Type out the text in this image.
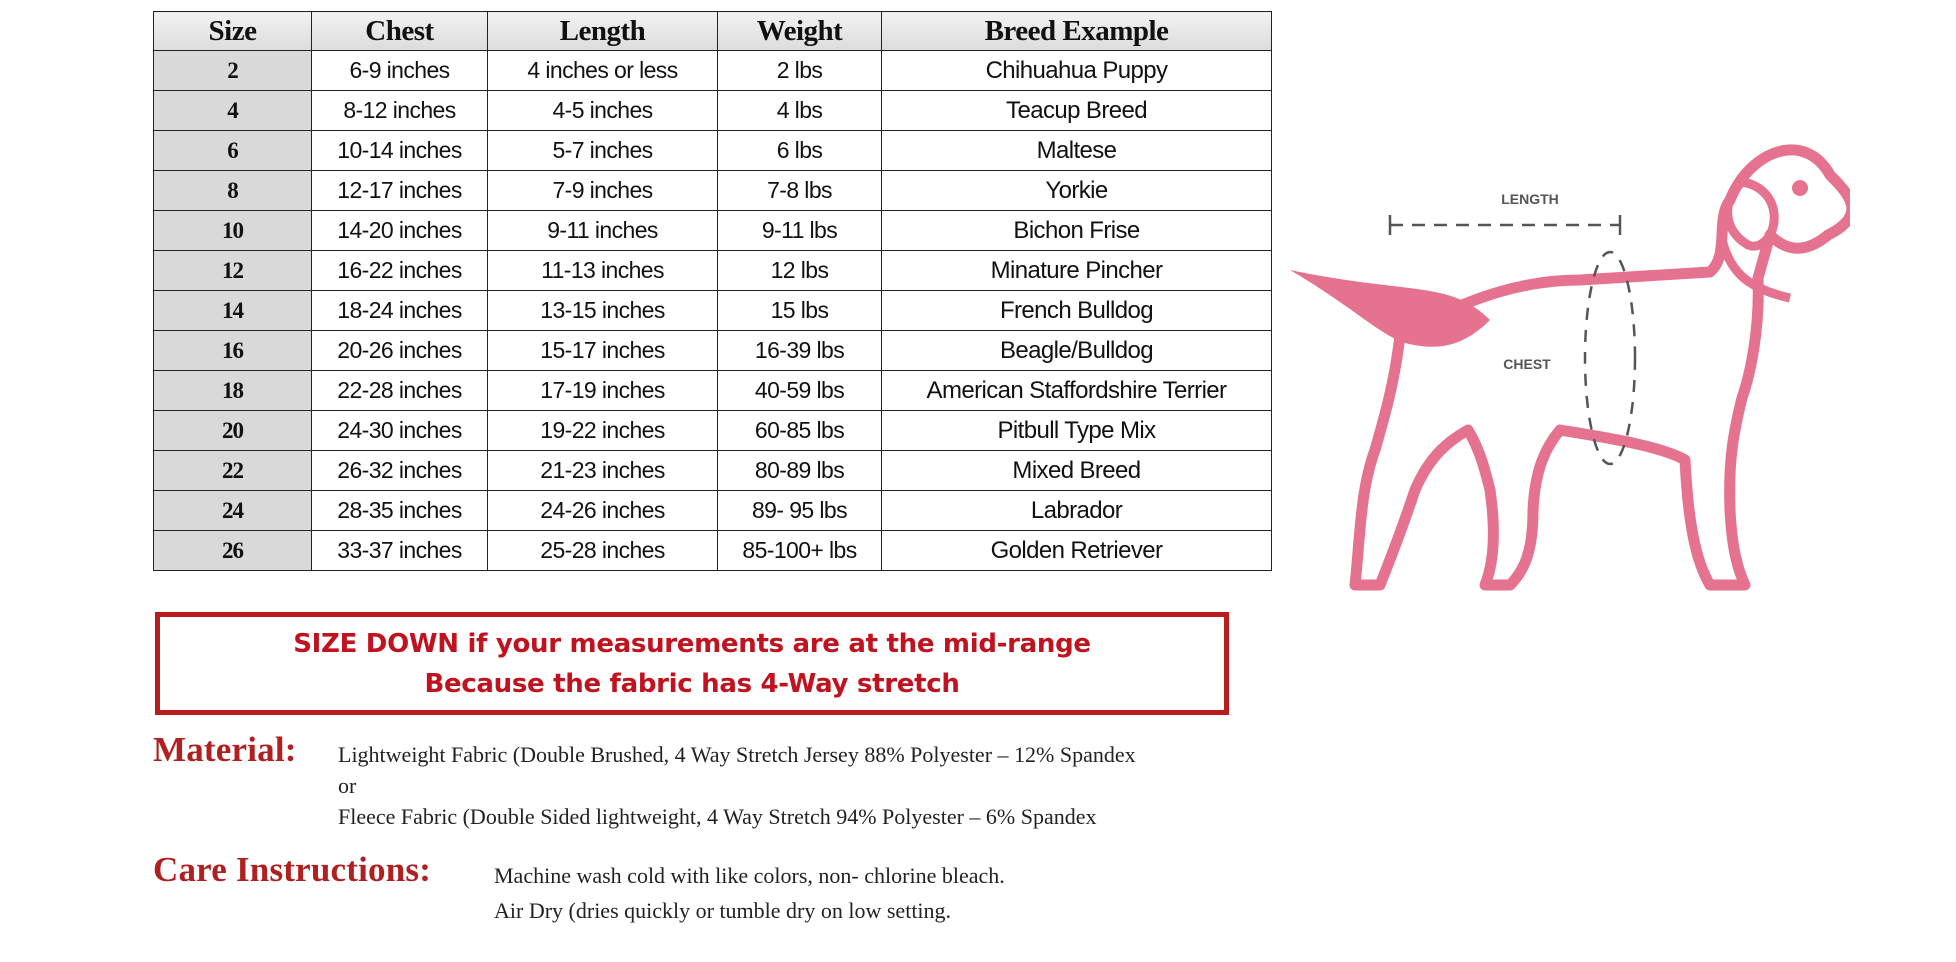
Size	Chest	Length	Weight	Breed Example
2	6-9 inches	4 inches or less	2 lbs	Chihuahua Puppy
4	8-12 inches	4-5 inches	4 lbs	Teacup Breed
6	10-14 inches	5-7 inches	6 lbs	Maltese
8	12-17 inches	7-9 inches	7-8 lbs	Yorkie
10	14-20 inches	9-11 inches	9-11 lbs	Bichon Frise
12	16-22 inches	11-13 inches	12 lbs	Minature Pincher
14	18-24 inches	13-15 inches	15 lbs	French Bulldog
16	20-26 inches	15-17 inches	16-39 lbs	Beagle/Bulldog
18	22-28 inches	17-19 inches	40-59 lbs	American Staffordshire Terrier
20	24-30 inches	19-22 inches	60-85 lbs	Pitbull Type Mix
22	26-32 inches	21-23 inches	80-89 lbs	Mixed Breed
24	28-35 inches	24-26 inches	89- 95 lbs	Labrador
26	33-37 inches	25-28 inches	85-100+ lbs	Golden Retriever
LENGTH
CHEST
SIZE DOWN if your measurements are at the mid-range
Because the fabric has 4-Way stretch
Material: Lightweight Fabric (Double Brushed, 4 Way Stretch Jersey 88% Polyester – 12% Spandex
or
Fleece Fabric (Double Sided lightweight, 4 Way Stretch 94% Polyester – 6% Spandex
Care Instructions:	Machine wash cold with like colors, non- chlorine bleach.
Air Dry (dries quickly or tumble dry on low setting.
